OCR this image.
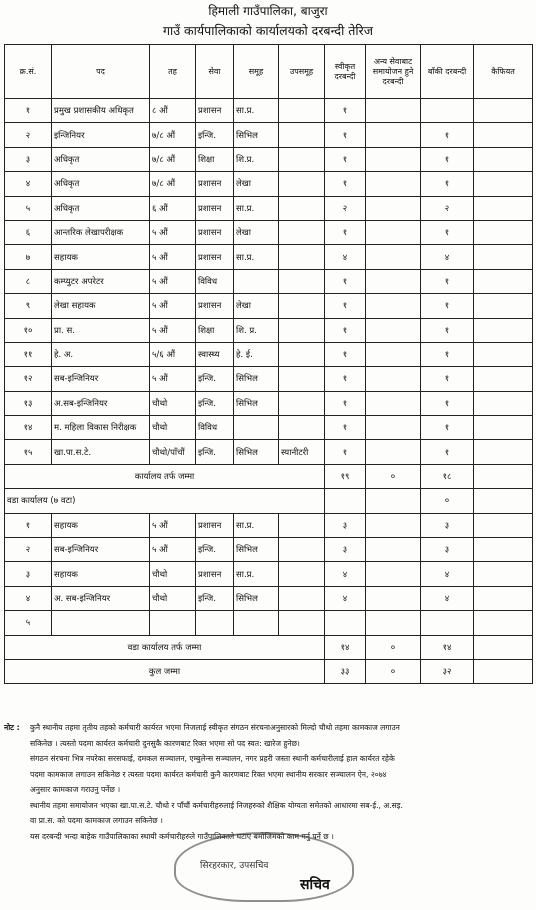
हिमाली गाउँपालिका, बाजुरा
गाउँ कार्यपालिकाको कार्यालयको दरबन्दी तेरिज
क्र.सं.	पद	तह	सेवा	समूह	उपसमूह	स्वीकृत दरबन्दी	अन्य सेवाबाट समायोजन हुने दरबन्दी	बाँकी दरबन्दी	कैफियत
१	प्रमुख प्रशासकीय अधिकृत	८ औं	प्रशासन	सा.प्र.		१			
२	इन्जिनियर	७/८ औं	इन्जि.	सिभिल		१		१	
३	अधिकृत	७/८ औं	शिक्षा	शि.प्र.		१		१	
४	अधिकृत	७/८ औं	प्रशासन	लेखा		१		१	
५	अधिकृत	६ औं	प्रशासन	सा.प्र.		२		२	
६	आन्तरिक लेखापरीक्षक	५ औं	प्रशासन	लेखा		१		१	
७	सहायक	५ औं	प्रशासन	सा.प्र.		४		४	
८	कम्प्युटर अपरेटर	५ औं	विविध			१		१	
९	लेखा सहायक	५ औं	प्रशासन	लेखा		१		१	
१०	प्रा. स.	५ औं	शिक्षा	शि. प्र.		१		१	
११	हे. अ.	५/६ औं	स्वास्थ्य	हे. ई.		१		१	
१२	सब-इन्जिनियर	५ औं	इन्जि.	सिभिल		१		१	
१३	अ.सब-इन्जिनियर	चौथो	इन्जि.	सिभिल		१		१	
१४	म. महिला विकास निरीक्षक	चौथो	विविध			१		१	
१५	खा.पा.स.टे.	चौथो/पाँचौं	इन्जि.	सिभिल	स्यानीटरी	१		१	
कार्यालय तर्फ जम्मा						१९	०	१८	
वडा कार्यालय (७ वटा)								०	
१	सहायक	५ औं	प्रशासन	सा.प्र.		३		३	
२	सब-इन्जिनियर	५ औं	इन्जि.	सिभिल		३		३	
३	सहायक	चौथो	प्रशासन	सा.प्र.		४		४	
४	अ. सब-इन्जिनियर	चौथो	इन्जि.	सिभिल		४		४	
५									
वडा कार्यालय तर्फ जम्मा						१४	०	१४	
कुल जम्मा						३३	०	३२	
नोट : कुनै स्थानीय तहमा तृतीय तहको कर्मचारी कार्यरत भएमा निजलाई स्वीकृत संगठन संरचनाअनुसारको मिल्दो चौथो तहमा कामकाज लगाउन

सकिनेछ । त्यस्तो पदमा कार्यरत कर्मचारी दुनसुकै कारणबाट रिक्त भएमा सो पद स्वत: खारेज हुनेछ।

संगठन संरचना भित्र नपरेका सरसफाई, दमकल सञ्चालन, एम्बुलेन्स सञ्चालन, नगर प्रहरी जस्ता स्थानी कर्मचारीलाई हाल कार्यरत रहेके

पदमा कामकाज लगाउन सकिनेछ र त्यस्ता पदमा कार्यरत कर्मचारी कुनै कारणबाट रिक्त भएमा स्थानीय सरकार सञ्चालन ऐन, २०७४

अनुसार कामकाज गराउनु पर्नेछ ।

स्थानीय तहमा समायोजन भएका खा.पा.स.टे. चौथो र पाँचौं कर्मचारीहरुलाई निजहरुको शैक्षिक योग्यता समेतको आधारमा सब-ई., अ.सइ.

वा प्रा.स. को पदमा कामकाज लगाउन सकिनेछ ।

यस दरबन्दी भन्दा बाहेक गाउँपालिकाका स्थायी कर्मचारीहरुले गाउँपालिकाले घटाए बमोजिमको काम गर्नु पर्ने छ ।

सिरहरकार, उपसचिव
सचिव
